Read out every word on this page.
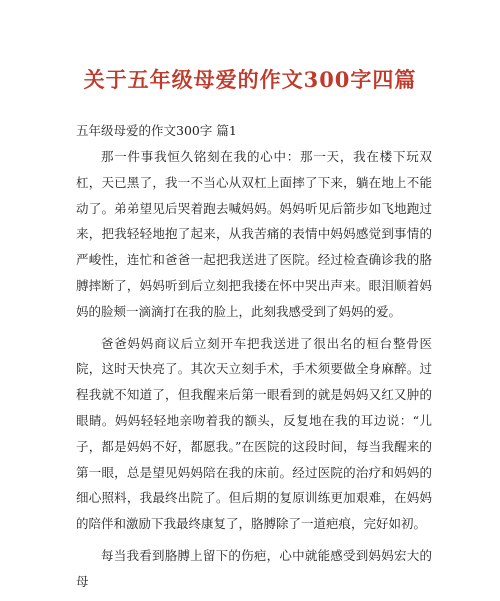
关于五年级母爱的作文300字四篇
五年级母爱的作文300字 篇1

那一件事我恒久铭刻在我的心中：那一天，我在楼下玩双杠，天已黑了，我一不当心从双杠上面摔了下来，躺在地上不能动了。弟弟望见后哭着跑去喊妈妈。妈妈听见后箭步如飞地跑过来，把我轻轻地抱了起来，从我苦痛的表情中妈妈感觉到事情的严峻性，连忙和爸爸一起把我送进了医院。经过检查确诊我的胳膊摔断了，妈妈听到后立刻把我搂在怀中哭出声来。眼泪顺着妈妈的脸颊一滴滴打在我的脸上，此刻我感受到了妈妈的爱。

爸爸妈妈商议后立刻开车把我送进了很出名的桓台整骨医院，这时天快亮了。其次天立刻手术，手术须要做全身麻醉。过程我就不知道了，但我醒来后第一眼看到的就是妈妈又红又肿的眼睛。妈妈轻轻地亲吻着我的额头，反复地在我的耳边说：“儿子，都是妈妈不好，都愿我。”在医院的这段时间，每当我醒来的第一眼，总是望见妈妈陪在我的床前。经过医院的治疗和妈妈的细心照料，我最终出院了。但后期的复原训练更加艰难，在妈妈的陪伴和激励下我最终康复了，胳膊除了一道疤痕，完好如初。

每当我看到胳膊上留下的伤疤，心中就能感受到妈妈宏大的母
